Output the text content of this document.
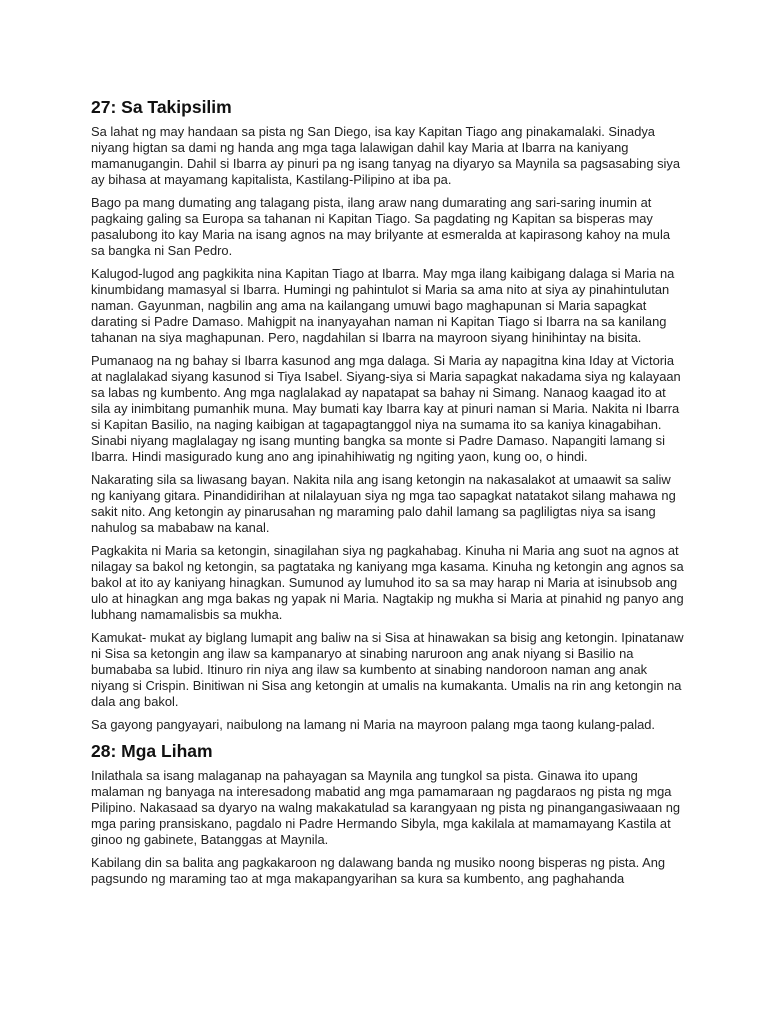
27: Sa Takipsilim

Sa lahat ng may handaan sa pista ng San Diego, isa kay Kapitan Tiago ang pinakamalaki. Sinadya niyang higtan sa dami ng handa ang mga taga lalawigan dahil kay Maria at Ibarra na kaniyang mamanugangin. Dahil si Ibarra ay pinuri pa ng isang tanyag na diyaryo sa Maynila sa pagsasabing siya ay bihasa at mayamang kapitalista, Kastilang-Pilipino at iba pa.

Bago pa mang dumating ang talagang pista, ilang araw nang dumarating ang sari-saring inumin at pagkaing galing sa Europa sa tahanan ni Kapitan Tiago. Sa pagdating ng Kapitan sa bisperas may pasalubong ito kay Maria na isang agnos na may brilyante at esmeralda at kapirasong kahoy na mula sa bangka ni San Pedro.

Kalugod-lugod ang pagkikita nina Kapitan Tiago at Ibarra. May mga ilang kaibigang dalaga si Maria na kinumbidang mamasyal si Ibarra. Humingi ng pahintulot si Maria sa ama nito at siya ay pinahintulutan naman. Gayunman, nagbilin ang ama na kailangang umuwi bago maghapunan si Maria sapagkat darating si Padre Damaso. Mahigpit na inanyayahan naman ni Kapitan Tiago si Ibarra na sa kanilang tahanan na siya maghapunan. Pero, nagdahilan si Ibarra na mayroon siyang hinihintay na bisita.

Pumanaog na ng bahay si Ibarra kasunod ang mga dalaga. Si Maria ay napagitna kina Iday at Victoria at naglalakad siyang kasunod si Tiya Isabel. Siyang-siya si Maria sapagkat nakadama siya ng kalayaan sa labas ng kumbento. Ang mga naglalakad ay napatapat sa bahay ni Simang. Nanaog kaagad ito at sila ay inimbitang pumanhik muna. May bumati kay Ibarra kay at pinuri naman si Maria. Nakita ni Ibarra si Kapitan Basilio, na naging kaibigan at tagapagtanggol niya na sumama ito sa kaniya kinagabihan. Sinabi niyang maglalagay ng isang munting bangka sa monte si Padre Damaso. Napangiti lamang si Ibarra. Hindi masigurado kung ano ang ipinahihiwatig ng ngiting yaon, kung oo, o hindi.

Nakarating sila sa liwasang bayan. Nakita nila ang isang ketongin na nakasalakot at umaawit sa saliw ng kaniyang gitara. Pinandidirihan at nilalayuan siya ng mga tao sapagkat natatakot silang mahawa ng sakit nito. Ang ketongin ay pinarusahan ng maraming palo dahil lamang sa pagliligtas niya sa isang nahulog sa mababaw na kanal.

Pagkakita ni Maria sa ketongin, sinagilahan siya ng pagkahabag. Kinuha ni Maria ang suot na agnos at nilagay sa bakol ng ketongin, sa pagtataka ng kaniyang mga kasama. Kinuha ng ketongin ang agnos sa bakol at ito ay kaniyang hinagkan. Sumunod ay lumuhod ito sa sa may harap ni Maria at isinubsob ang ulo at hinagkan ang mga bakas ng yapak ni Maria. Nagtakip ng mukha si Maria at pinahid ng panyo ang lubhang namamalisbis sa mukha.

Kamukat- mukat ay biglang lumapit ang baliw na si Sisa at hinawakan sa bisig ang ketongin. Ipinatanaw ni Sisa sa ketongin ang ilaw sa kampanaryo at sinabing naruroon ang anak niyang si Basilio na bumababa sa lubid. Itinuro rin niya ang ilaw sa kumbento at sinabing nandoroon naman ang anak niyang si Crispin. Binitiwan ni Sisa ang ketongin at umalis na kumakanta. Umalis na rin ang ketongin na dala ang bakol.

Sa gayong pangyayari, naibulong na lamang ni Maria na mayroon palang mga taong kulang-palad.

28: Mga Liham

Inilathala sa isang malaganap na pahayagan sa Maynila ang tungkol sa pista. Ginawa ito upang malaman ng banyaga na interesadong mabatid ang mga pamamaraan ng pagdaraos ng pista ng mga Pilipino. Nakasaad sa dyaryo na walng makakatulad sa karangyaan ng pista ng pinangangasiwaaan ng mga paring pransiskano, pagdalo ni Padre Hermando Sibyla, mga kakilala at mamamayang Kastila at ginoo ng gabinete, Batanggas at Maynila.

Kabilang din sa balita ang pagkakaroon ng dalawang banda ng musiko noong bisperas ng pista. Ang pagsundo ng maraming tao at mga makapangyarihan sa kura sa kumbento, ang paghahanda
